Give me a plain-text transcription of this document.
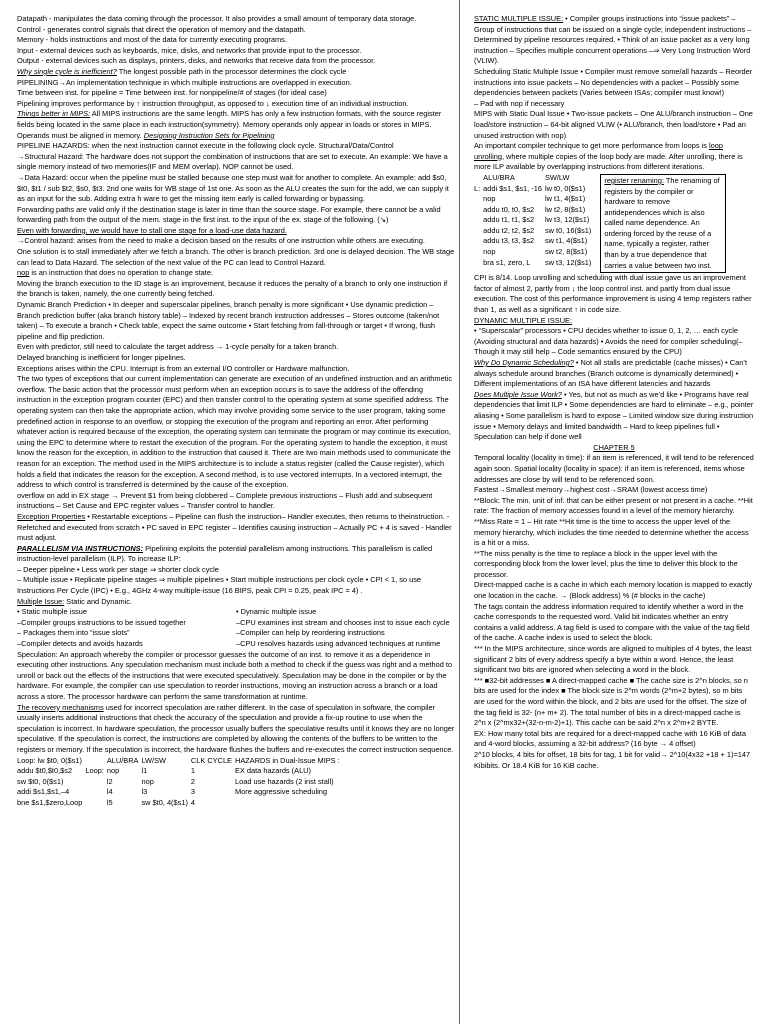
Datapath - manipulates the data coming through the processor. It also provides a small amount of temporary data storage.

Control - generates control signals that direct the operation of memory and the datapath.

Memory - holds instructions and most of the data for currently executing programs.

Input - external devices such as keyboards, mice, disks, and networks that provide input to the processor.

Output - external devices such as displays, printers, disks, and networks that receive data from the processor.

Why single cycle is inefficient? The longest possible path in the processor determines the clock cycle

PIPELINING→An implementation technique in which multiple instructions are overlapped in execution.

Time between inst. for pipeline = Time between inst. for nonpipeline/# of stages (for ideal case)

Pipelining improves performance by ↑ instruction throughput, as opposed to ↓ execution time of an individual instruction.

Things better in MIPS: All MIPS instructions are the same length. MIPS has only a few instruction formats, with the source register fields being located in the same place in each instruction(symmetry). Memory operands only appear in loads or stores in MIPS. Operands must be aligned in memory. Designing Instruction Sets for Pipelining

PIPELINE HAZARDS: when the next instruction cannot execute in the following clock cycle. Structural/Data/Control

→Structural Hazard: The hardware does not support the combination of instructions that are set to execute. An example: We have a single memory instead of two memories(IF and MEM overlap). NOP cannot be used.

→Data Hazard: occur when the pipeline must be stalled because one step must wait for another to complete. An example: add $s0, $t0, $t1 / sub $t2, $s0, $t3. 2nd one waits for WB stage of 1st one. As soon as the ALU creates the sum for the add, we can supply it as an input for the sub. Adding extra h ware to get the missing item early is called forwarding or bypassing.

Forwarding paths are valid only if the destination stage is later in time than the source stage. For example, there cannot be a valid forwarding path from the output of the mem. stage in the first inst. to the input of the ex. stage of the following. (↘)

Even with forwarding, we would have to stall one stage for a load-use data hazard.

→Control hazard: arises from the need to make a decision based on the results of one instruction while others are executing.

One solution is to stall immediately after we fetch a branch. The other is branch prediction. 3rd one is delayed decision. The WB stage can lead to Data Hazard. The selection of the next value of the PC can lead to Control Hazard.

nop is an instruction that does no operation to change state.

Moving the branch execution to the ID stage is an improvement, because it reduces the penalty of a branch to only one instruction if the branch is taken, namely, the one currently being fetched.

Dynamic Branch Prediction • In deeper and superscalar pipelines, branch penalty is more significant • Use dynamic prediction – Branch prediction buffer (aka branch history table) – Indexed by recent branch instruction addresses – Stores outcome (taken/not taken) – To execute a branch • Check table, expect the same outcome • Start fetching from fall-through or target • If wrong, flush pipeline and flip prediction.

Even with predictor, still need to calculate the target address → 1-cycle penalty for a taken branch.

Delayed branching is inefficient for longer pipelines.

Exceptions arises within the CPU. Interrupt is from an external I/O controller or Hardware malfunction.

The two types of exceptions that our current implementation can generate are execution of an undefined instruction and an arithmetic overflow. The basic action that the processor must perform when an exception occurs is to save the address of the offending instruction in the exception program counter (EPC) and then transfer control to the operating system at some specified address. The operating system can then take the appropriate action, which may involve providing some service to the user program, taking some predefined action in response to an overflow, or stopping the execution of the program and reporting an error. After performing whatever action is required because of the exception, the operating system can terminate the program or may continue its execution, using the EPC to determine where to restart the execution of the program. For the operating system to handle the exception, it must know the reason for the exception, in addition to the instruction that caused it. There are two main methods used to communicate the reason for an exception. The method used in the MIPS architecture is to include a status register (called the Cause register), which holds a field that indicates the reason for the exception. A second method, is to use vectored interrupts. In a vectored interrupt, the address to which control is transferred is determined by the cause of the exception.

overflow on add in EX stage → Prevent $1 from being clobbered – Complete previous instructions – Flush add and subsequent instructions – Set Cause and EPC register values – Transfer control to handler.

Exception Properties • Restartable exceptions – Pipeline can flush the instruction– Handler executes, then returns to theinstruction. - Refetched and executed from scratch • PC saved in EPC register – Identifies causing instruction – Actually PC + 4 is saved - Handler must adjust.

PARALLELISM VIA INSTRUCTIONS: Pipelining exploits the potential parallelism among instructions. This parallelism is called instruction-level parallelism (ILP). To increase ILP:

– Deeper pipeline • Less work per stage ⇒ shorter clock cycle

– Multiple issue • Replicate pipeline stages ⇒ multiple pipelines • Start multiple instructions per clock cycle • CPI < 1, so use Instructions Per Cycle (IPC) • E.g., 4GHz 4-way multiple-issue (16 BIPS, peak CPI = 0.25, peak IPC = 4) .

Multiple Issue: Static and Dynamic.

• Static multiple issue

–Compiler groups instructions to be issued together

– Packages them into “issue slots”

–Compiler detects and avoids hazards

• Dynamic multiple issue

–CPU examines inst stream and chooses inst to issue each cycle

–Compiler can help by reordering instructions

–CPU resolves hazards using advanced techniques at runtime

Speculation: An approach whereby the compiler or processor guesses the outcome of an inst. to remove it as a dependence in executing other instructions. Any speculation mechanism must include both a method to check if the guess was right and a method to unroll or back out the effects of the instructions that were executed speculatively. Speculation may be done in the compiler or by the hardware. For example, the compiler can use speculation to reorder instructions, moving an instruction across a branch or a load across a store. The processor hardware can perform the same transformation at runtime.

The recovery mechanisms used for incorrect speculation are rather different. In the case of speculation in software, the compiler usually inserts additional instructions that check the accuracy of the speculation and provide a fix-up routine to use when the speculation is incorrect. In hardware speculation, the processor usually buffers the speculative results until it knows they are no longer speculative. If the speculation is correct, the instructions are completed by allowing the contents of the buffers to be written to the registers or memory. If the speculation is incorrect, the hardware flushes the buffers and re-executes the correct instruction sequence.

Loop: lw $t0, 0($s1)		ALU/BRA	LW/SW	CLK CYCLE	HAZARDS in Dual-Issue MIPS :
addu $t0,$t0,$s2	Loop:	nop	l1	1	EX data hazards (ALU)
sw $t0, 0($s1)		l2	nop	2	Load use hazards (2 inst stall)
addi $s1,$s1,–4		l4	l3	3	More aggressive scheduling
bne $s1,$zero,Loop		l5	sw $t0, 4($s1)	4	

STATIC MULTIPLE ISSUE: • Compiler groups instructions into “issue packets” – Group of instructions that can be issued on a single cycle; independent instructions – Determined by pipeline resources required. • Think of an issue packet as a very long instruction – Specifies multiple concurrent operations –⇒ Very Long Instruction Word (VLIW).

Scheduling Static Multiple Issue • Compiler must remove some/all hazards – Reorder instructions into issue packets – No dependencies with a packet – Possibly some dependencies between packets (Varies between ISAs; compiler must know!)

– Pad with nop if necessary

MIPS with Static Dual Issue • Two-issue packets – One ALU/branch instruction – One load/store instruction – 64-bit aligned VLIW (• ALU/branch, then load/store • Pad an unused instruction with nop)

An important compiler technique to get more performance from loops is loop unrolling, where multiple copies of the loop body are made. After unrolling, there is more ILP available by overlapping instructions from different iterations.

	ALU/BRA	SW/LW
L:	addi $s1, $s1, -16	lw t0, 0($s1)
	nop	lw t1, 4($s1)
	addu t0, t0, $s2	lw t2, 8($s1)
	addu t1, t1, $s2	lw t3, 12($s1)
	addu t2, t2, $s2	sw t0, 16($s1)
	addu t3, t3, $s2	sw t1, 4($s1)
	nop	sw t2, 8($s1)
	bra s1, zero, L	sw t3, 12($s1)
register renaming: The renaming of registers by the compiler or hardware to remove antidependences which is also called name dependence. An ordering forced by the reuse of a name, typically a register, rather than by a true dependence that carries a value between two inst.

CPI is 8/14. Loop unrolling and scheduling with dual issue gave us an improvement factor of almost 2, partly from ↓ the loop control inst. and partly from dual issue execution. The cost of this performance improvement is using 4 temp registers rather than 1, as well as a significant ↑ in code size.

DYNAMIC MULTIPLE ISSUE:

• “Superscalar” processors • CPU decides whether to issue 0, 1, 2, … each cycle (Avoiding structural and data hazards) • Avoids the need for compiler scheduling(– Though it may still help – Code semantics ensured by the CPU)

Why Do Dynamic Scheduling? • Not all stalls are predictable (cache misses) • Can’t always schedule around branches (Branch outcome is dynamically determined) • Different implementations of an ISA have different latencies and hazards

Does Multiple Issue Work? • Yes, but not as much as we’d like • Programs have real dependencies that limit ILP • Some dependencies are hard to eliminate – e.g., pointer aliasing • Some parallelism is hard to expose – Limited window size during instruction issue • Memory delays and limited bandwidth – Hard to keep pipelines full • Speculation can help if done well

CHAPTER 5

Temporal locality (locality in time): if an item is referenced, it will tend to be referenced again soon. Spatial locality (locality in space): if an item is referenced, items whose addresses are close by will tend to be referenced soon.

Fastest→Smallest memory→highest cost→SRAM (lowest access time)

**Block: The min. unit of inf. that can be either present or not present in a cache. **Hit rate: The fraction of memory accesses found in a level of the memory hierarchy. **Miss Rate = 1 – Hit rate **Hit time is the time to access the upper level of the memory hierarchy, which includes the time needed to determine whether the access is a hit or a miss.

**The miss penalty is the time to replace a block in the upper level with the corresponding block from the lower level, plus the time to deliver this block to the processor.

Direct-mapped cache is a cache in which each memory location is mapped to exactly one location in the cache. → (Block address) % (# blocks in the cache)

The tags contain the address information required to identify whether a word in the cache corresponds to the requested word. Valid bit indicates whether an entry contains a valid address. A tag field is used to compare with the value of the tag field of the cache. A cache index is used to select the block.

*** In the MIPS architecture, since words are aligned to multiples of 4 bytes, the least significant 2 bits of every address specify a byte within a word. Hence, the least significant two bits are ignored when selecting a word in the block.

*** ■32-bit addresses ■ A direct-mapped cache ■ The cache size is 2^n blocks, so n bits are used for the index ■ The block size is 2^m words (2^m+2 bytes), so m bits are used for the word within the block, and 2 bits are used for the offset. The size of the tag field is 32- (n+ m+ 2). The total number of bits in a direct-mapped cache is 2^n x (2^mx32+(32-n-m-2)+1). This cache can be said 2^n x 2^m+2 BYTE.

EX: How many total bits are required for a direct-mapped cache with 16 KiB of data and 4-word blocks, assuming a 32-bit address? (16 byte → 4 offset)

2^10 blocks, 4 bits for offset, 18 bits for tag, 1 bit for valid→ 2^10(4x32 +18 + 1)=147 Kibibits. Or 18.4 KiB for 16 KiB cache.
